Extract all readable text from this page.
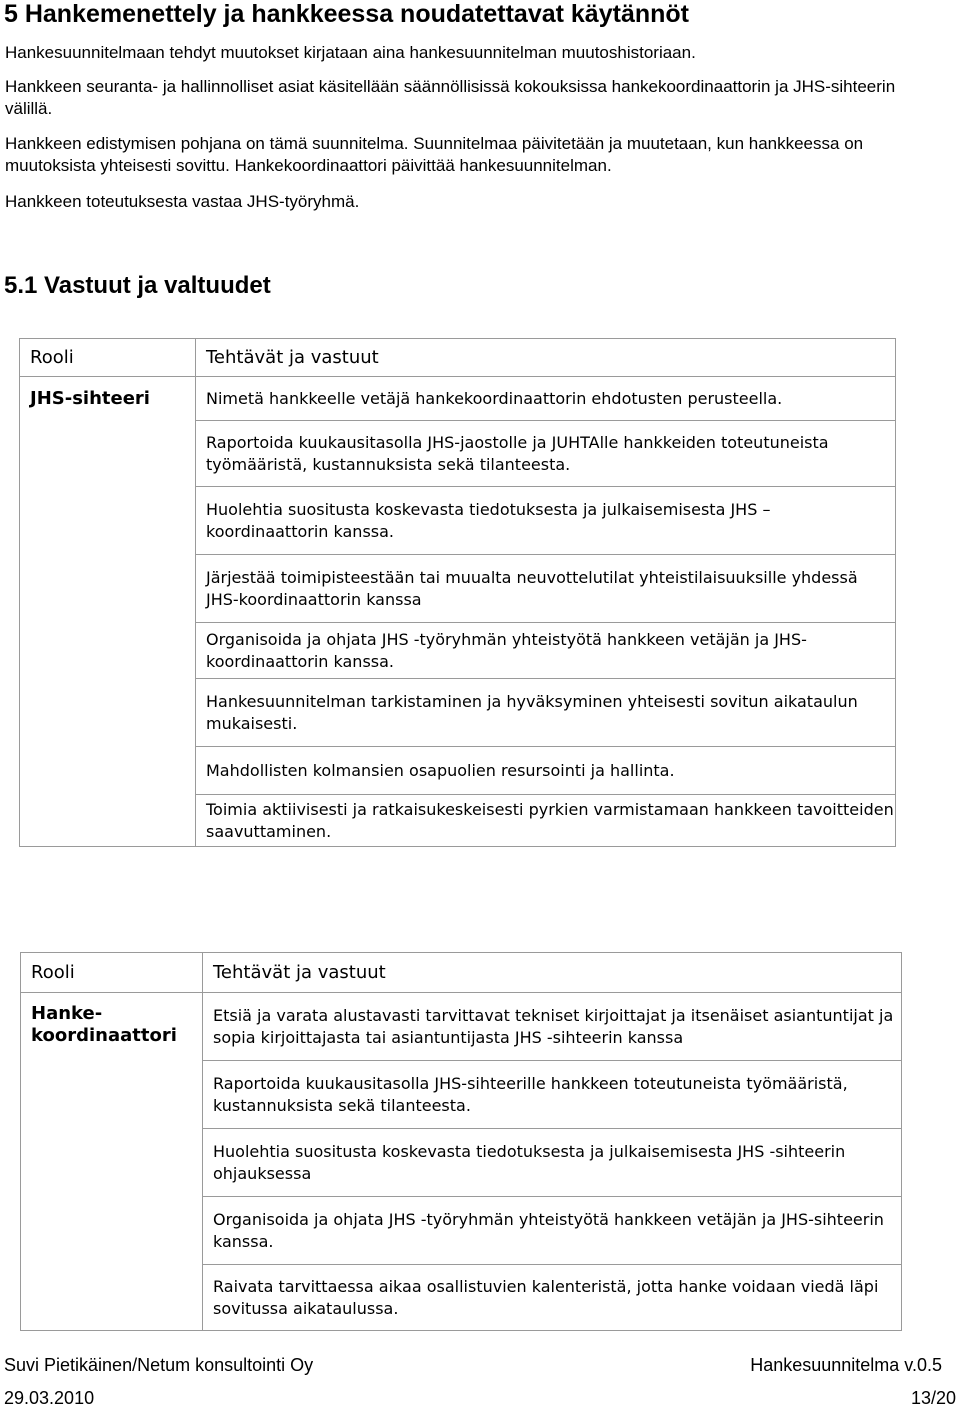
5 Hankemenettely ja hankkeessa noudatettavat käytännöt

Hankesuunnitelmaan tehdyt muutokset kirjataan aina hankesuunnitelman muutoshistoriaan.

Hankkeen seuranta- ja hallinnolliset asiat käsitellään säännöllisissä kokouksissa hankekoordinaattorin ja JHS-sihteerin välillä.

Hankkeen edistymisen pohjana on tämä suunnitelma. Suunnitelmaa päivitetään ja muutetaan, kun hankkeessa on muutoksista yhteisesti sovittu. Hankekoordinaattori päivittää hankesuunnitelman.

Hankkeen toteutuksesta vastaa JHS-työryhmä.

5.1 Vastuut ja valtuudet
Rooli	Tehtävät ja vastuut
JHS-sihteeri	Nimetä hankkeelle vetäjä hankekoordinaattorin ehdotusten perusteella.
	Raportoida kuukausitasolla JHS-jaostolle ja JUHTAlle hankkeiden toteutuneista työmääristä, kustannuksista sekä tilanteesta.
	Huolehtia suositusta koskevasta tiedotuksesta ja julkaisemisesta JHS – koordinaattorin kanssa.
	Järjestää toimipisteestään tai muualta neuvottelutilat yhteistilaisuuksille yhdessä JHS-koordinaattorin kanssa
	Organisoida ja ohjata JHS -työryhmän yhteistyötä hankkeen vetäjän ja JHS-koordinaattorin kanssa.
	Hankesuunnitelman tarkistaminen ja hyväksyminen yhteisesti sovitun aikataulun mukaisesti.
	Mahdollisten kolmansien osapuolien resursointi ja hallinta.
	Toimia aktiivisesti ja ratkaisukeskeisesti pyrkien varmistamaan hankkeen tavoitteiden saavuttaminen.
Rooli	Tehtävät ja vastuut

Hanke-
koordinaattori	Etsiä ja varata alustavasti tarvittavat tekniset kirjoittajat ja itsenäiset asiantuntijat ja sopia kirjoittajasta tai asiantuntijasta JHS -sihteerin kanssa
	Raportoida kuukausitasolla JHS-sihteerille hankkeen toteutuneista työmääristä, kustannuksista sekä tilanteesta.
	Huolehtia suositusta koskevasta tiedotuksesta ja julkaisemisesta JHS -sihteerin ohjauksessa
	Organisoida ja ohjata JHS -työryhmän yhteistyötä hankkeen vetäjän ja JHS-sihteerin kanssa.
	Raivata tarvittaessa aikaa osallistuvien kalenteristä, jotta hanke voidaan viedä läpi sovitussa aikataulussa.
Suvi Pietikäinen/Netum konsultointi Oy	Hankesuunnitelma v.0.5
29.03.2010	13/20
